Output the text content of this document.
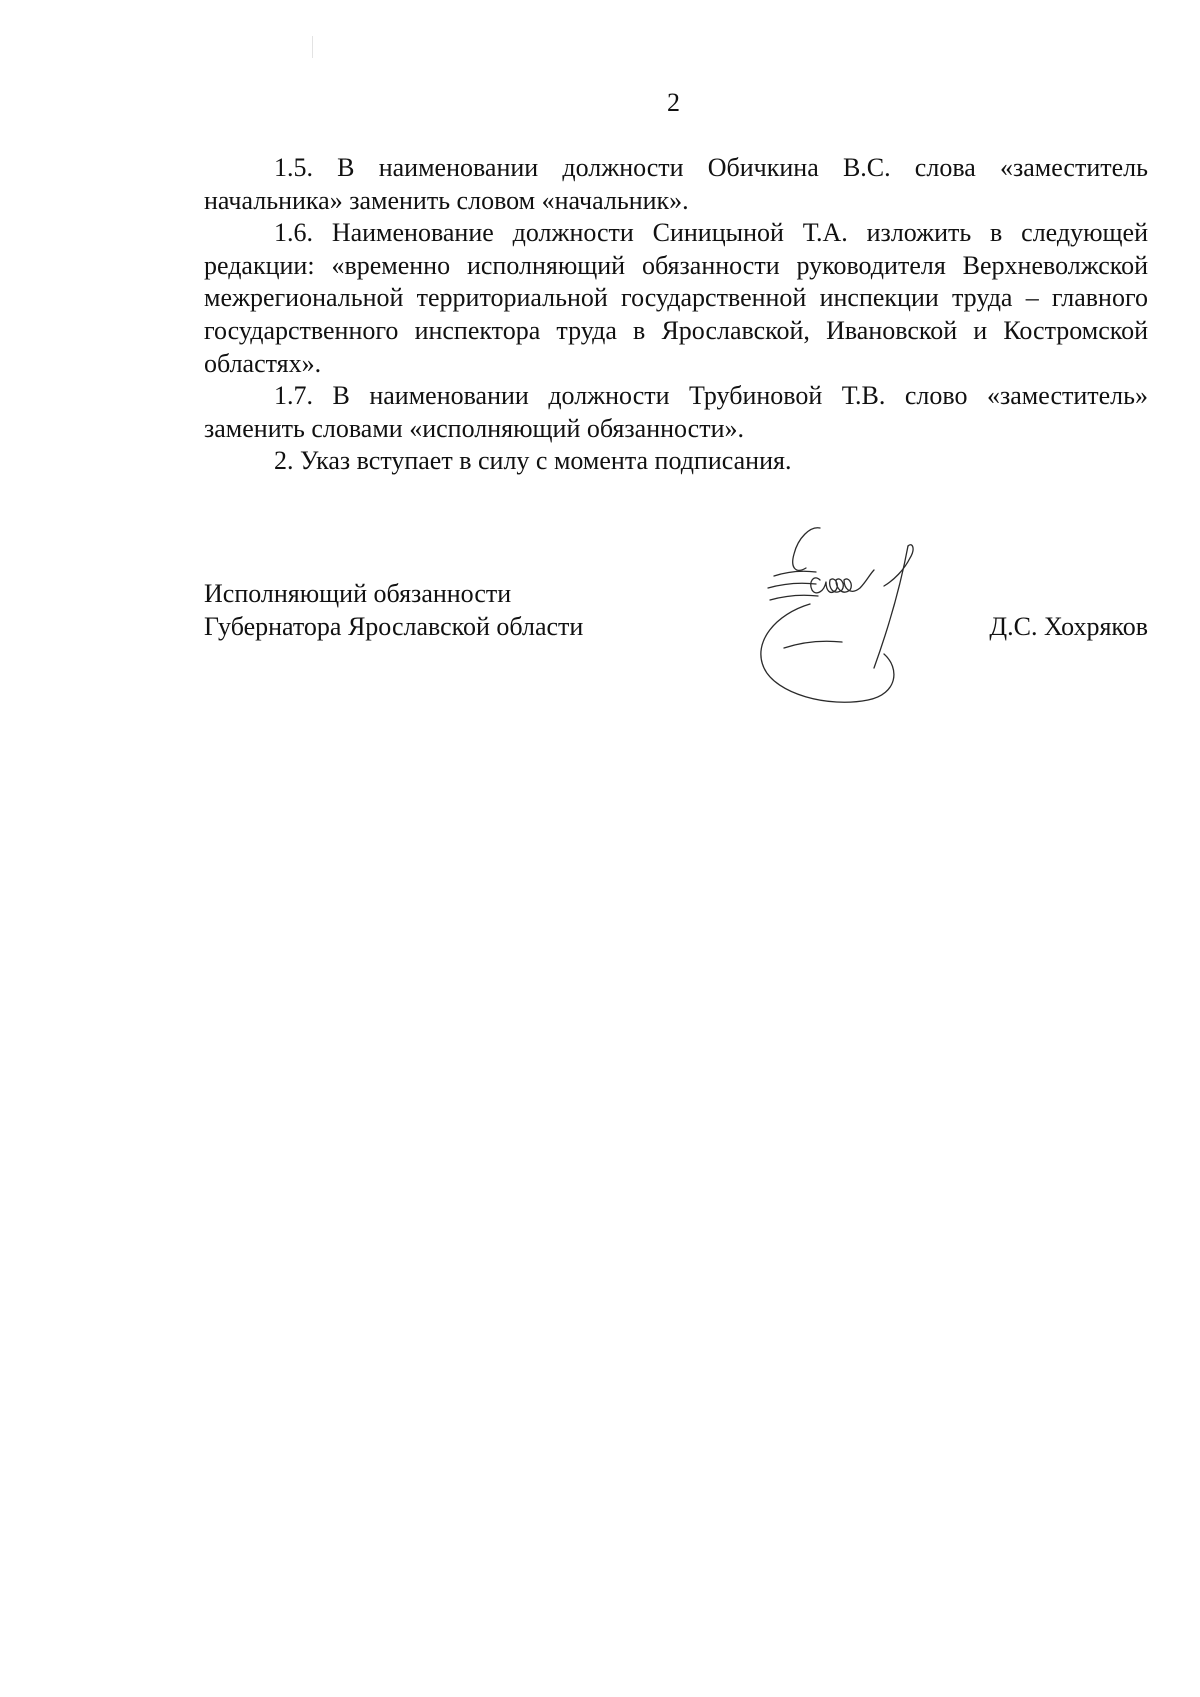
2

1.5. В наименовании должности Обичкина В.С. слова «заместитель начальника» заменить словом «начальник».

1.6. Наименование должности Синицыной Т.А. изложить в следующей редакции: «временно исполняющий обязанности руководителя Верхневолжской межрегиональной территориальной государственной инспекции труда – главного государственного инспектора труда в Ярославской, Ивановской и Костромской областях».

1.7. В наименовании должности Трубиновой Т.В. слово «заместитель» заменить словами «исполняющий обязанности».

2. Указ вступает в силу с момента подписания.

Исполняющий обязанности
Губернатора Ярославской области	Д.С. Хохряков
